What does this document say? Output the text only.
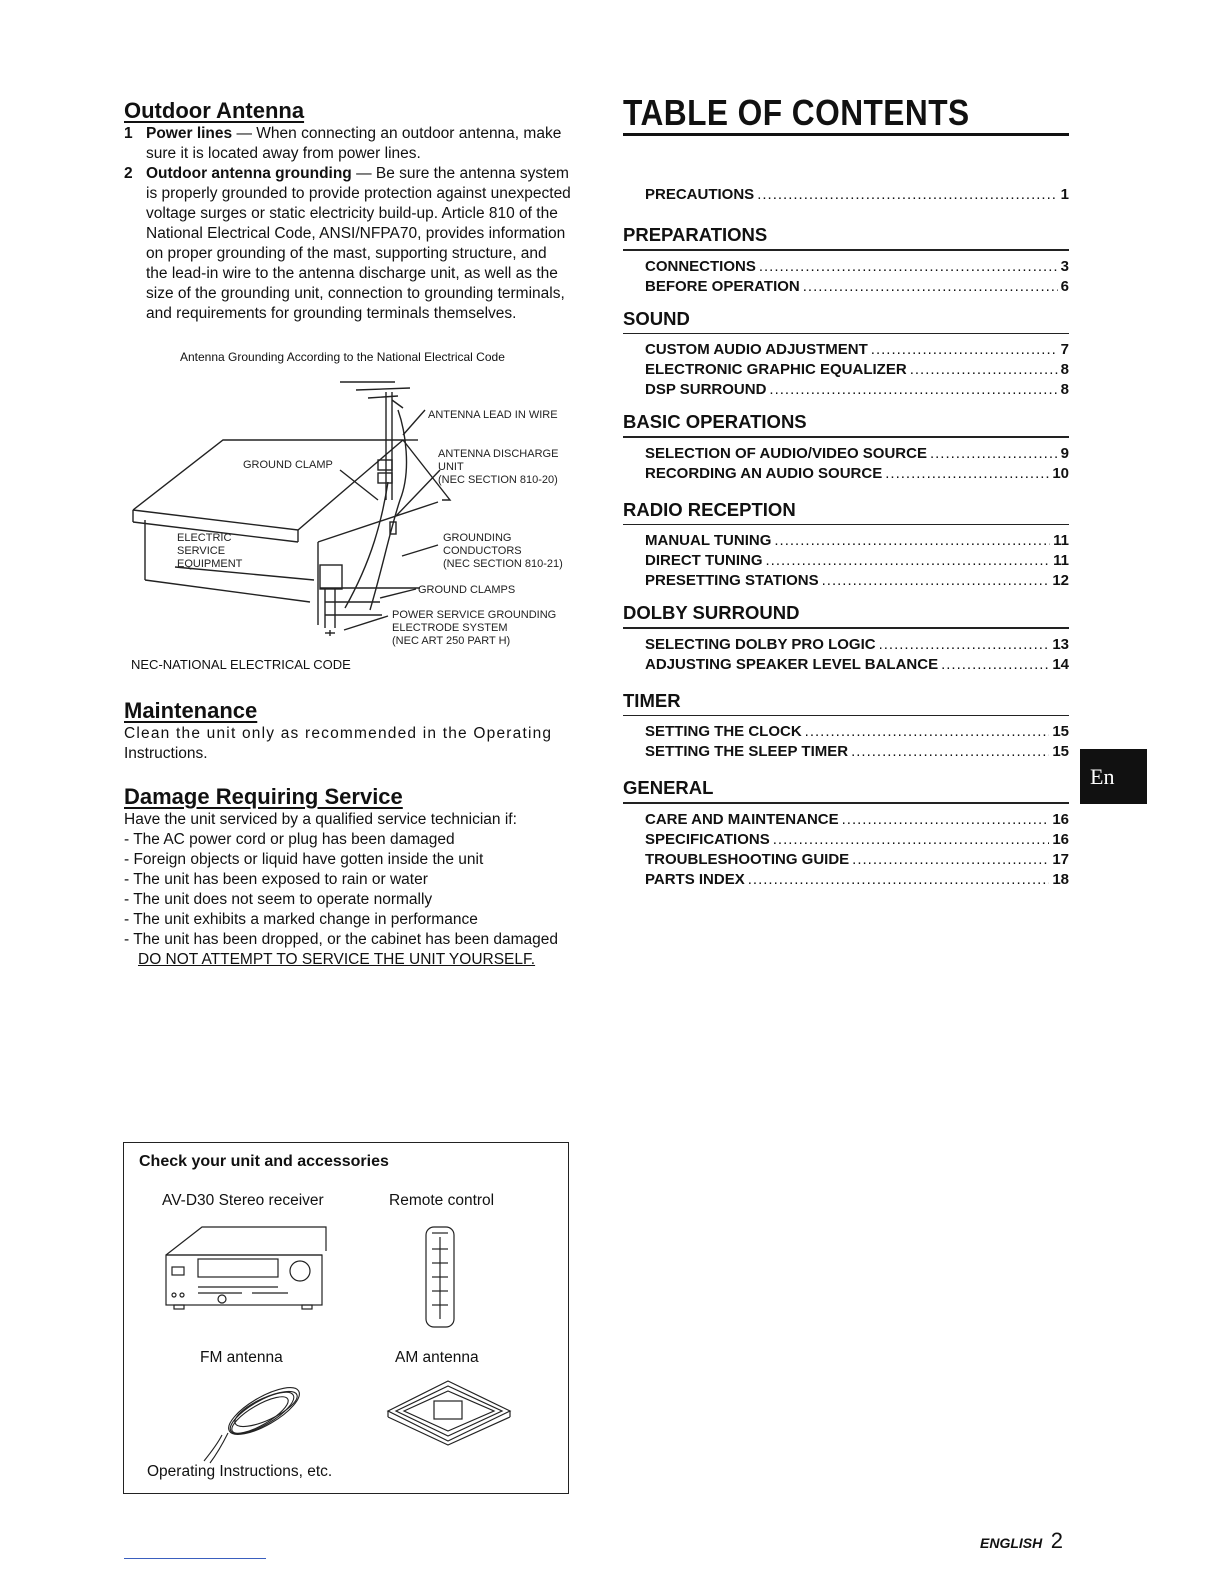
Outdoor Antenna
1 Power lines — When connecting an outdoor antenna, make
sure it is located away from power lines.
2 Outdoor antenna grounding — Be sure the antenna system
is properly grounded to provide protection against unexpected
voltage surges or static electricity build-up. Article 810 of the
National Electrical Code, ANSI/NFPA70, provides information
on proper grounding of the mast, supporting structure, and
the lead-in wire to the antenna discharge unit, as well as the
size of the grounding unit, connection to grounding terminals,
and requirements for grounding terminals themselves.
Antenna Grounding According to the National Electrical Code
ANTENNA LEAD IN WIRE
GROUND CLAMP
ANTENNA DISCHARGE
UNIT
(NEC SECTION 810-20)
ELECTRIC
SERVICE
EQUIPMENT
GROUNDING
CONDUCTORS
(NEC SECTION 810-21)
GROUND CLAMPS
POWER SERVICE GROUNDING
ELECTRODE SYSTEM
(NEC ART 250 PART H)
NEC-NATIONAL ELECTRICAL CODE
Maintenance
Clean the unit only as recommended in the Operating
Instructions.
Damage Requiring Service
Have the unit serviced by a qualified service technician if:
- The AC power cord or plug has been damaged
- Foreign objects or liquid have gotten inside the unit
- The unit has been exposed to rain or water
- The unit does not seem to operate normally
- The unit exhibits a marked change in performance
- The unit has been dropped, or the cabinet has been damaged
DO NOT ATTEMPT TO SERVICE THE UNIT YOURSELF.
Check your unit and accessories
AV-D30 Stereo receiver	Remote control
FM antenna	AM antenna
Operating Instructions, etc.
TABLE OF CONTENTS
PRECAUTIONS .....	1
PREPARATIONS
CONNECTIONS .....	3
BEFORE OPERATION .....	6
SOUND
CUSTOM AUDIO ADJUSTMENT .....	7
ELECTRONIC GRAPHIC EQUALIZER .....	8
DSP SURROUND .....	8
BASIC OPERATIONS
SELECTION OF AUDIO/VIDEO SOURCE .....	9
RECORDING AN AUDIO SOURCE .....	10
RADIO RECEPTION
MANUAL TUNING .....	11
DIRECT TUNING .....	11
PRESETTING STATIONS .....	12
DOLBY SURROUND
SELECTING DOLBY PRO LOGIC .....	13
ADJUSTING SPEAKER LEVEL BALANCE .....	14
TIMER
SETTING THE CLOCK .....	15
SETTING THE SLEEP TIMER .....	15
GENERAL
CARE AND MAINTENANCE .....	16
SPECIFICATIONS .....	16
TROUBLESHOOTING GUIDE .....	17
PARTS INDEX .....	18
En
ENGLISH 2
